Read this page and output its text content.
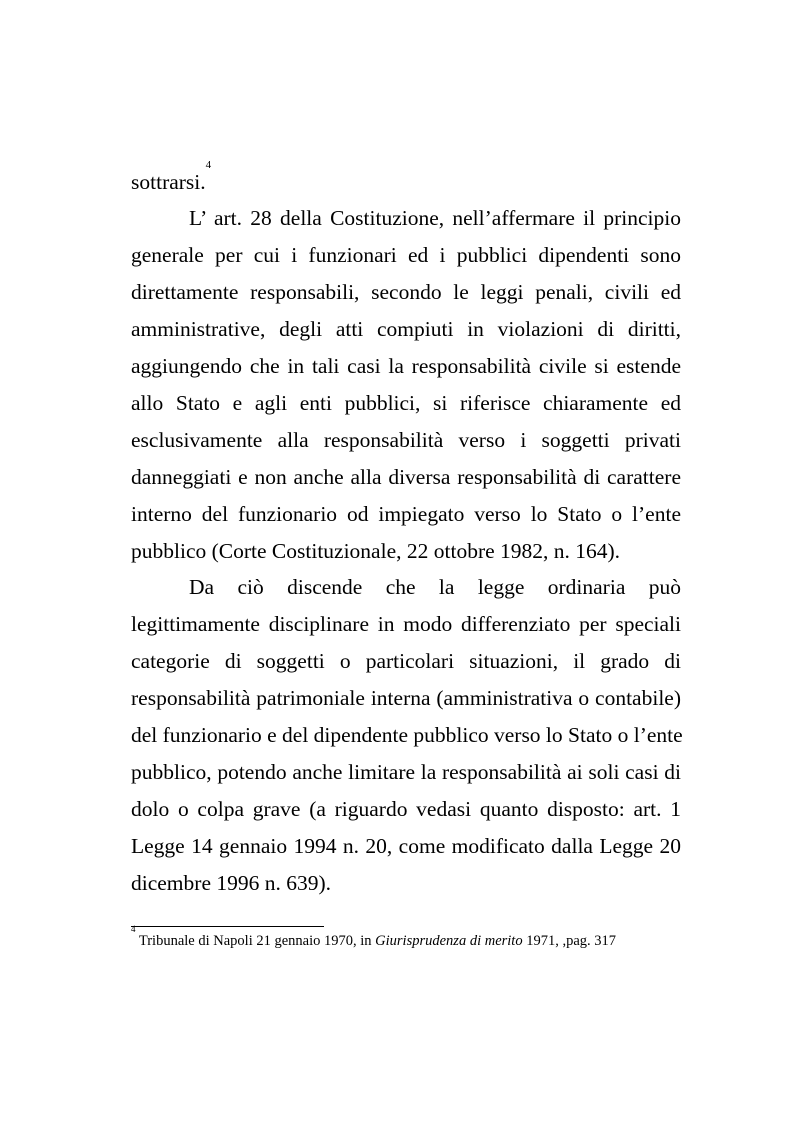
sottrarsi.$^4$
L’ art. 28 della Costituzione, nell’affermare il principio
generale per cui i funzionari ed i pubblici dipendenti sono
direttamente responsabili, secondo le leggi penali, civili ed
amministrative, degli atti compiuti in violazioni di diritti,
aggiungendo che in tali casi la responsabilità civile si estende
allo Stato e agli enti pubblici, si riferisce chiaramente ed
esclusivamente alla responsabilità verso i soggetti privati
danneggiati e non anche alla diversa responsabilità di carattere
interno del funzionario od impiegato verso lo Stato o l’ente
pubblico (Corte Costituzionale, 22 ottobre 1982, n. 164).
Da ciò discende che la legge ordinaria può
legittimamente disciplinare in modo differenziato per speciali
categorie di soggetti o particolari situazioni, il grado di
responsabilità patrimoniale interna (amministrativa o contabile)
del funzionario e del dipendente pubblico verso lo Stato o l’ente
pubblico, potendo anche limitare la responsabilità ai soli casi di
dolo o colpa grave (a riguardo vedasi quanto disposto: art. 1
Legge 14 gennaio 1994 n. 20, come modificato dalla Legge 20
dicembre 1996 n. 639).
$^4$ Tribunale di Napoli 21 gennaio 1970, in Giurisprudenza di merito 1971, ,pag. 317
